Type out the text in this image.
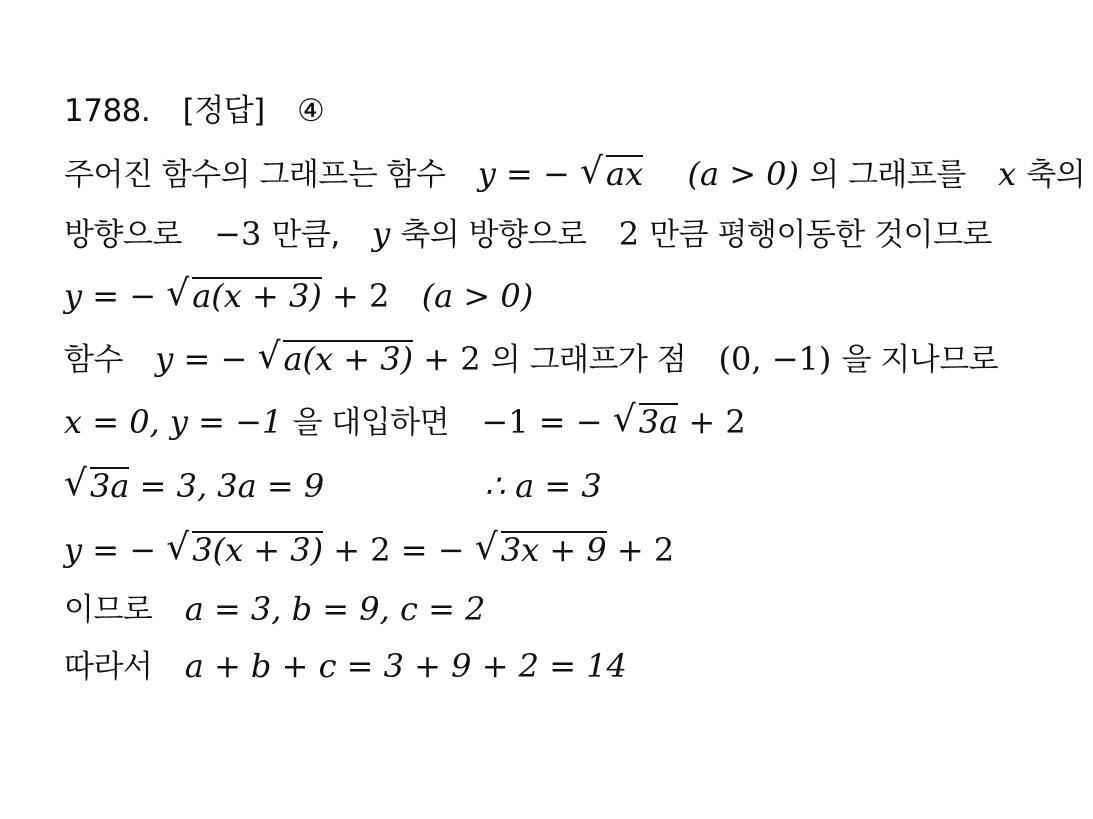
1788. [정답] ④
주어진 함수의 그래프는 함수 y = − √ ax (a > 0) 의 그래프를 x 축의
방향으로 −3 만큼, y 축의 방향으로 2 만큼 평행이동한 것이므로
y = − √ a(x + 3) + 2 (a > 0)
함수 y = − √ a(x + 3) + 2 의 그래프가 점 (0, −1) 을 지나므로
x = 0, y = −1 을 대입하면 −1 = − √ 3a + 2
√ 3a = 3, 3a = 9	∴ a = 3
y = − √ 3(x + 3) + 2 = − √ 3x + 9 + 2
이므로 a = 3, b = 9, c = 2
따라서 a + b + c = 3 + 9 + 2 = 14
